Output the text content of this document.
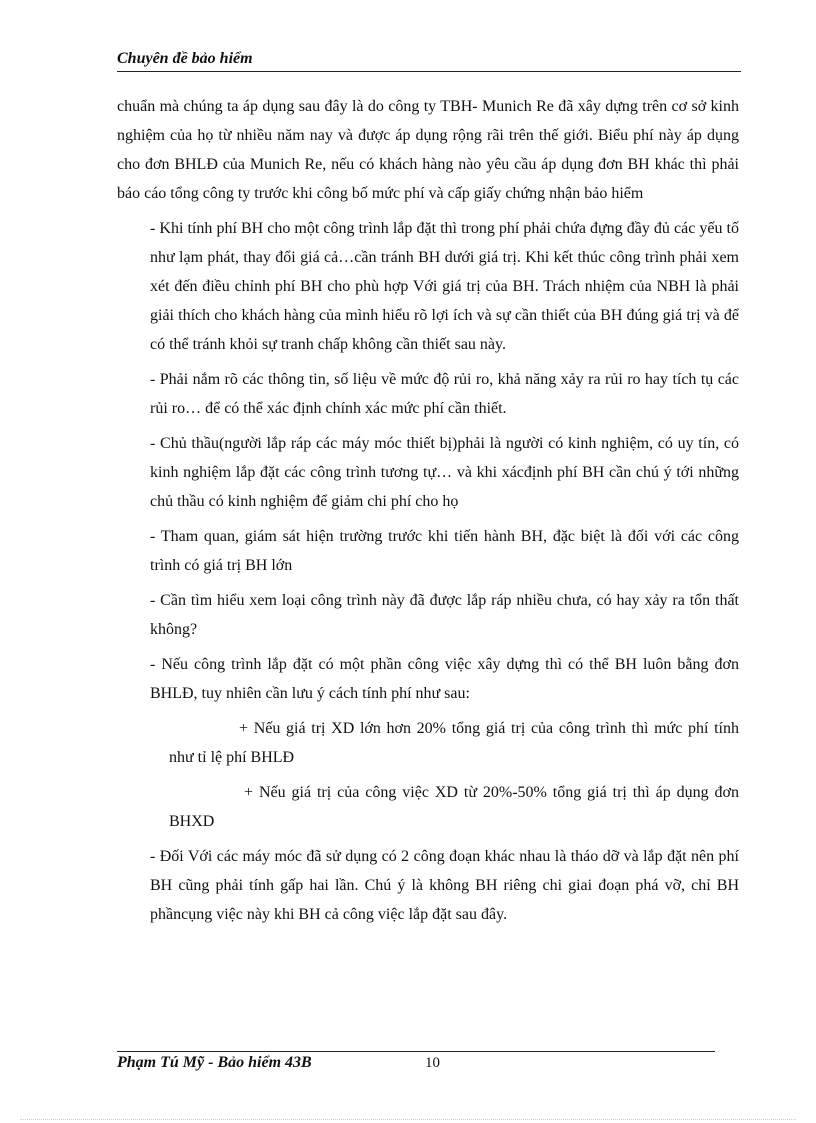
Chuyên đề bảo hiểm

chuẩn mà chúng ta áp dụng sau đây là do công ty TBH- Munich Re đã xây dựng trên cơ sở kinh nghiệm của họ từ nhiều năm nay và được áp dụng rộng rãi trên thế giới. Biểu phí này áp dụng cho đơn BHLĐ của Munich Re, nếu có khách hàng nào yêu cầu áp dụng đơn BH khác thì phải báo cáo tổng công ty trước khi công bố mức phí và cấp giấy chứng nhận bảo hiểm

- Khi tính phí BH cho một công trình lắp đặt thì trong phí phải chứa đựng đầy đủ các yếu tố như lạm phát, thay đổi giá cả…cần tránh BH dưới giá trị. Khi kết thúc công trình phải xem xét đến điều chỉnh phí BH cho phù hợp Với giá trị của BH. Trách nhiệm của NBH là phải giải thích cho khách hàng của mình hiểu rõ lợi ích và sự cần thiết của BH đúng giá trị và để có thể tránh khỏi sự tranh chấp không cần thiết sau này.

- Phải nắm rõ các thông tin, số liệu về mức độ rủi ro, khả năng xảy ra rủi ro hay tích tụ các rủi ro… để có thể xác định chính xác mức phí cần thiết.

- Chủ thầu(người lắp ráp các máy móc thiết bị)phải là người có kinh nghiệm, có uy tín, có kinh nghiệm lắp đặt các công trình tương tự… và khi xácđịnh phí BH cần chú ý tới những chủ thầu có kinh nghiệm để giảm chi phí cho họ

- Tham quan, giám sát hiện trường trước khi tiến hành BH, đặc biệt là đối với các công trình có giá trị BH lớn

- Cần tìm hiểu xem loại công trình này đã được lắp ráp nhiều chưa, có hay xảy ra tổn thất không?

- Nếu công trình lắp đặt có một phần công việc xây dựng thì có thể BH luôn bằng đơn BHLĐ, tuy nhiên cần lưu ý cách tính phí như sau:

+ Nếu giá trị XD lớn hơn 20% tổng giá trị của công trình thì mức phí tính như tỉ lệ phí BHLĐ

+ Nếu giá trị của công việc XD từ 20%-50% tổng giá trị thì áp dụng đơn BHXD

- Đối Với các máy móc đã sử dụng có 2 công đoạn khác nhau là tháo dỡ và lắp đặt nên phí BH cũng phải tính gấp hai lần. Chú ý là không BH riêng chi giai đoạn phá vỡ, chỉ BH phầncụng việc này khi BH cả công việc lắp đặt sau đây.

Phạm Tú Mỹ - Bảo hiểm 43B	10
